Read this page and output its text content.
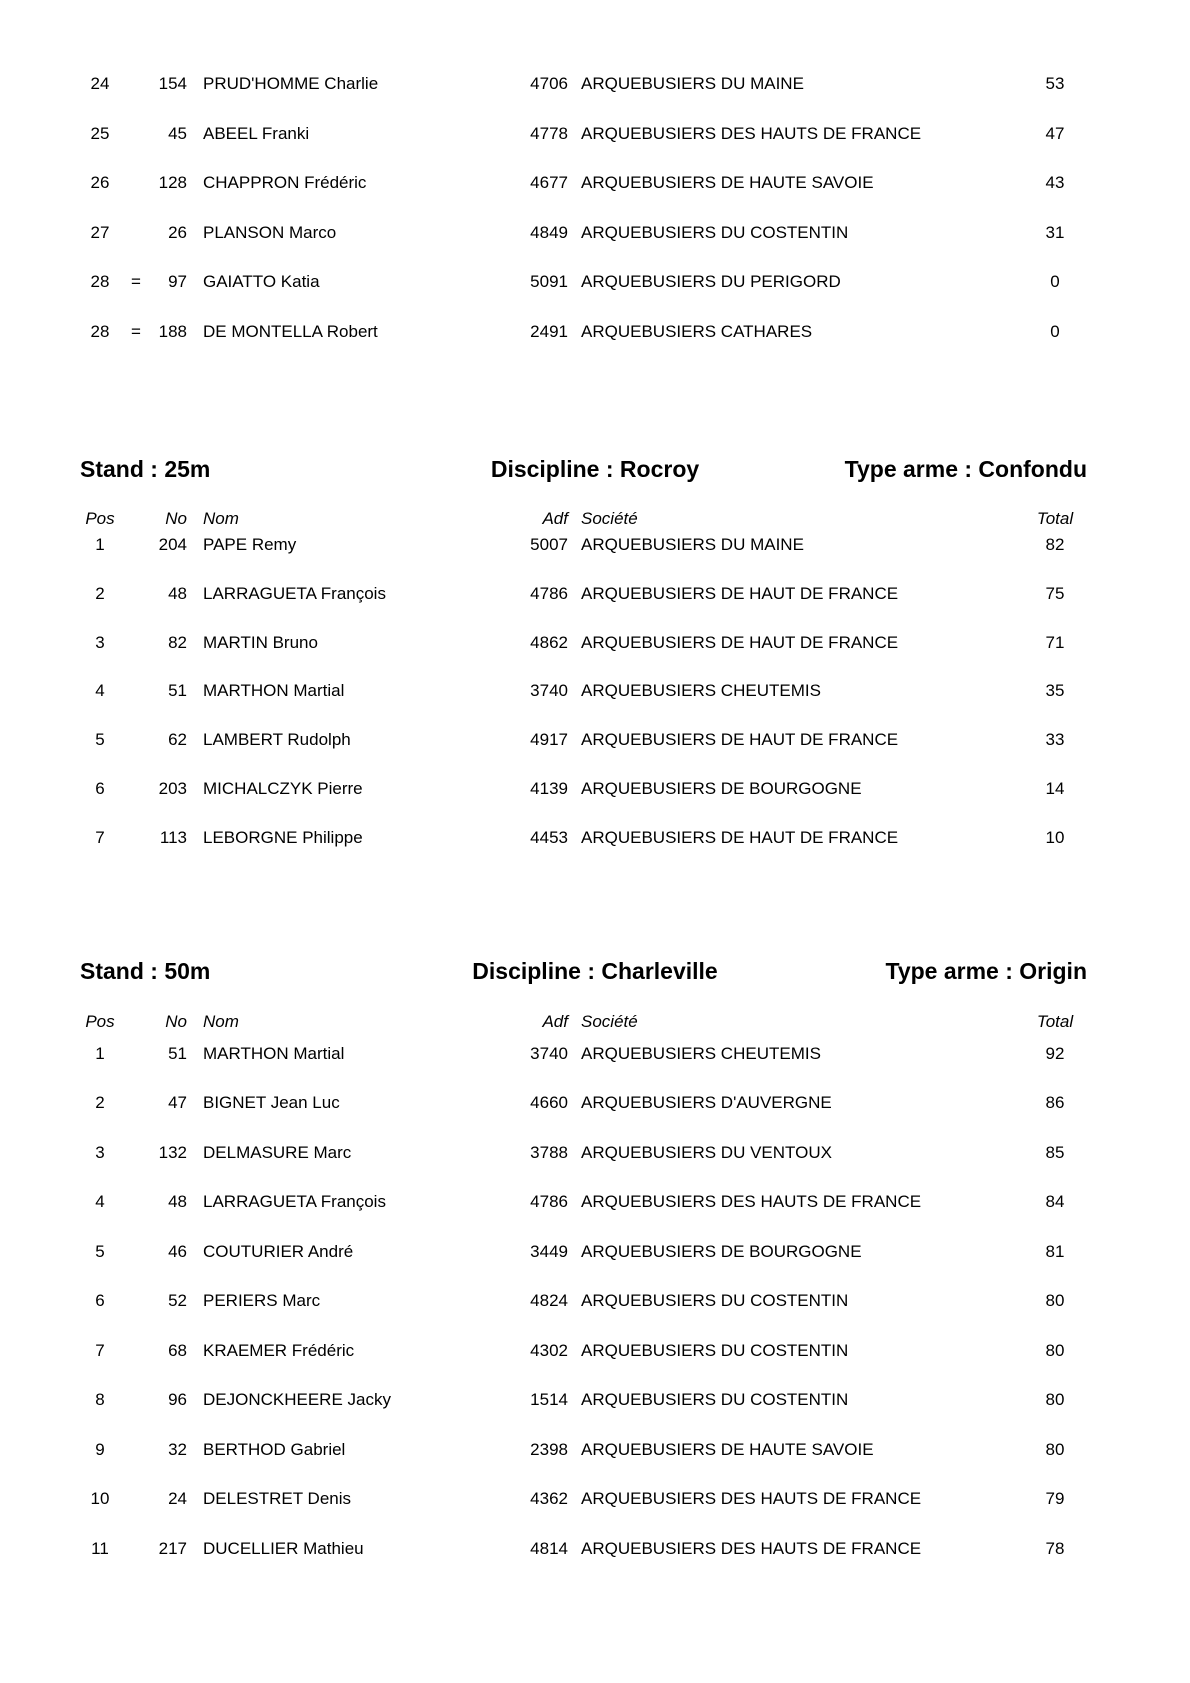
24	154 PRUD'HOMME Charlie	4706 ARQUEBUSIERS DU MAINE	53
25	45 ABEEL Franki	4778 ARQUEBUSIERS DES HAUTS DE FRANCE	47
26	128 CHAPPRON Frédéric	4677 ARQUEBUSIERS DE HAUTE SAVOIE	43
27	26 PLANSON Marco	4849 ARQUEBUSIERS DU COSTENTIN	31
28	=	97 GAIATTO Katia	5091 ARQUEBUSIERS DU PERIGORD	0
28	=	188 DE MONTELLA Robert	2491 ARQUEBUSIERS CATHARES	0
Stand : 25m	Discipline : Rocroy	Type arme : Confondu
Pos	No Nom	Adf Société	Total
1	204 PAPE Remy	5007 ARQUEBUSIERS DU MAINE	82
2	48 LARRAGUETA François	4786 ARQUEBUSIERS DE HAUT DE FRANCE	75
3	82 MARTIN Bruno	4862 ARQUEBUSIERS DE HAUT DE FRANCE	71
4	51 MARTHON Martial	3740 ARQUEBUSIERS CHEUTEMIS	35
5	62 LAMBERT Rudolph	4917 ARQUEBUSIERS DE HAUT DE FRANCE	33
6	203 MICHALCZYK Pierre	4139 ARQUEBUSIERS DE BOURGOGNE	14
7	113 LEBORGNE Philippe	4453 ARQUEBUSIERS DE HAUT DE FRANCE	10
Stand : 50m	Discipline : Charleville	Type arme : Origin
Pos	No Nom	Adf Société	Total
1	51 MARTHON Martial	3740 ARQUEBUSIERS CHEUTEMIS	92
2	47 BIGNET Jean Luc	4660 ARQUEBUSIERS D'AUVERGNE	86
3	132 DELMASURE Marc	3788 ARQUEBUSIERS DU VENTOUX	85
4	48 LARRAGUETA François	4786 ARQUEBUSIERS DES HAUTS DE FRANCE	84
5	46 COUTURIER André	3449 ARQUEBUSIERS DE BOURGOGNE	81
6	52 PERIERS Marc	4824 ARQUEBUSIERS DU COSTENTIN	80
7	68 KRAEMER Frédéric	4302 ARQUEBUSIERS DU COSTENTIN	80
8	96 DEJONCKHEERE Jacky	1514 ARQUEBUSIERS DU COSTENTIN	80
9	32 BERTHOD Gabriel	2398 ARQUEBUSIERS DE HAUTE SAVOIE	80
10	24 DELESTRET Denis	4362 ARQUEBUSIERS DES HAUTS DE FRANCE	79
11	217 DUCELLIER Mathieu	4814 ARQUEBUSIERS DES HAUTS DE FRANCE	78
